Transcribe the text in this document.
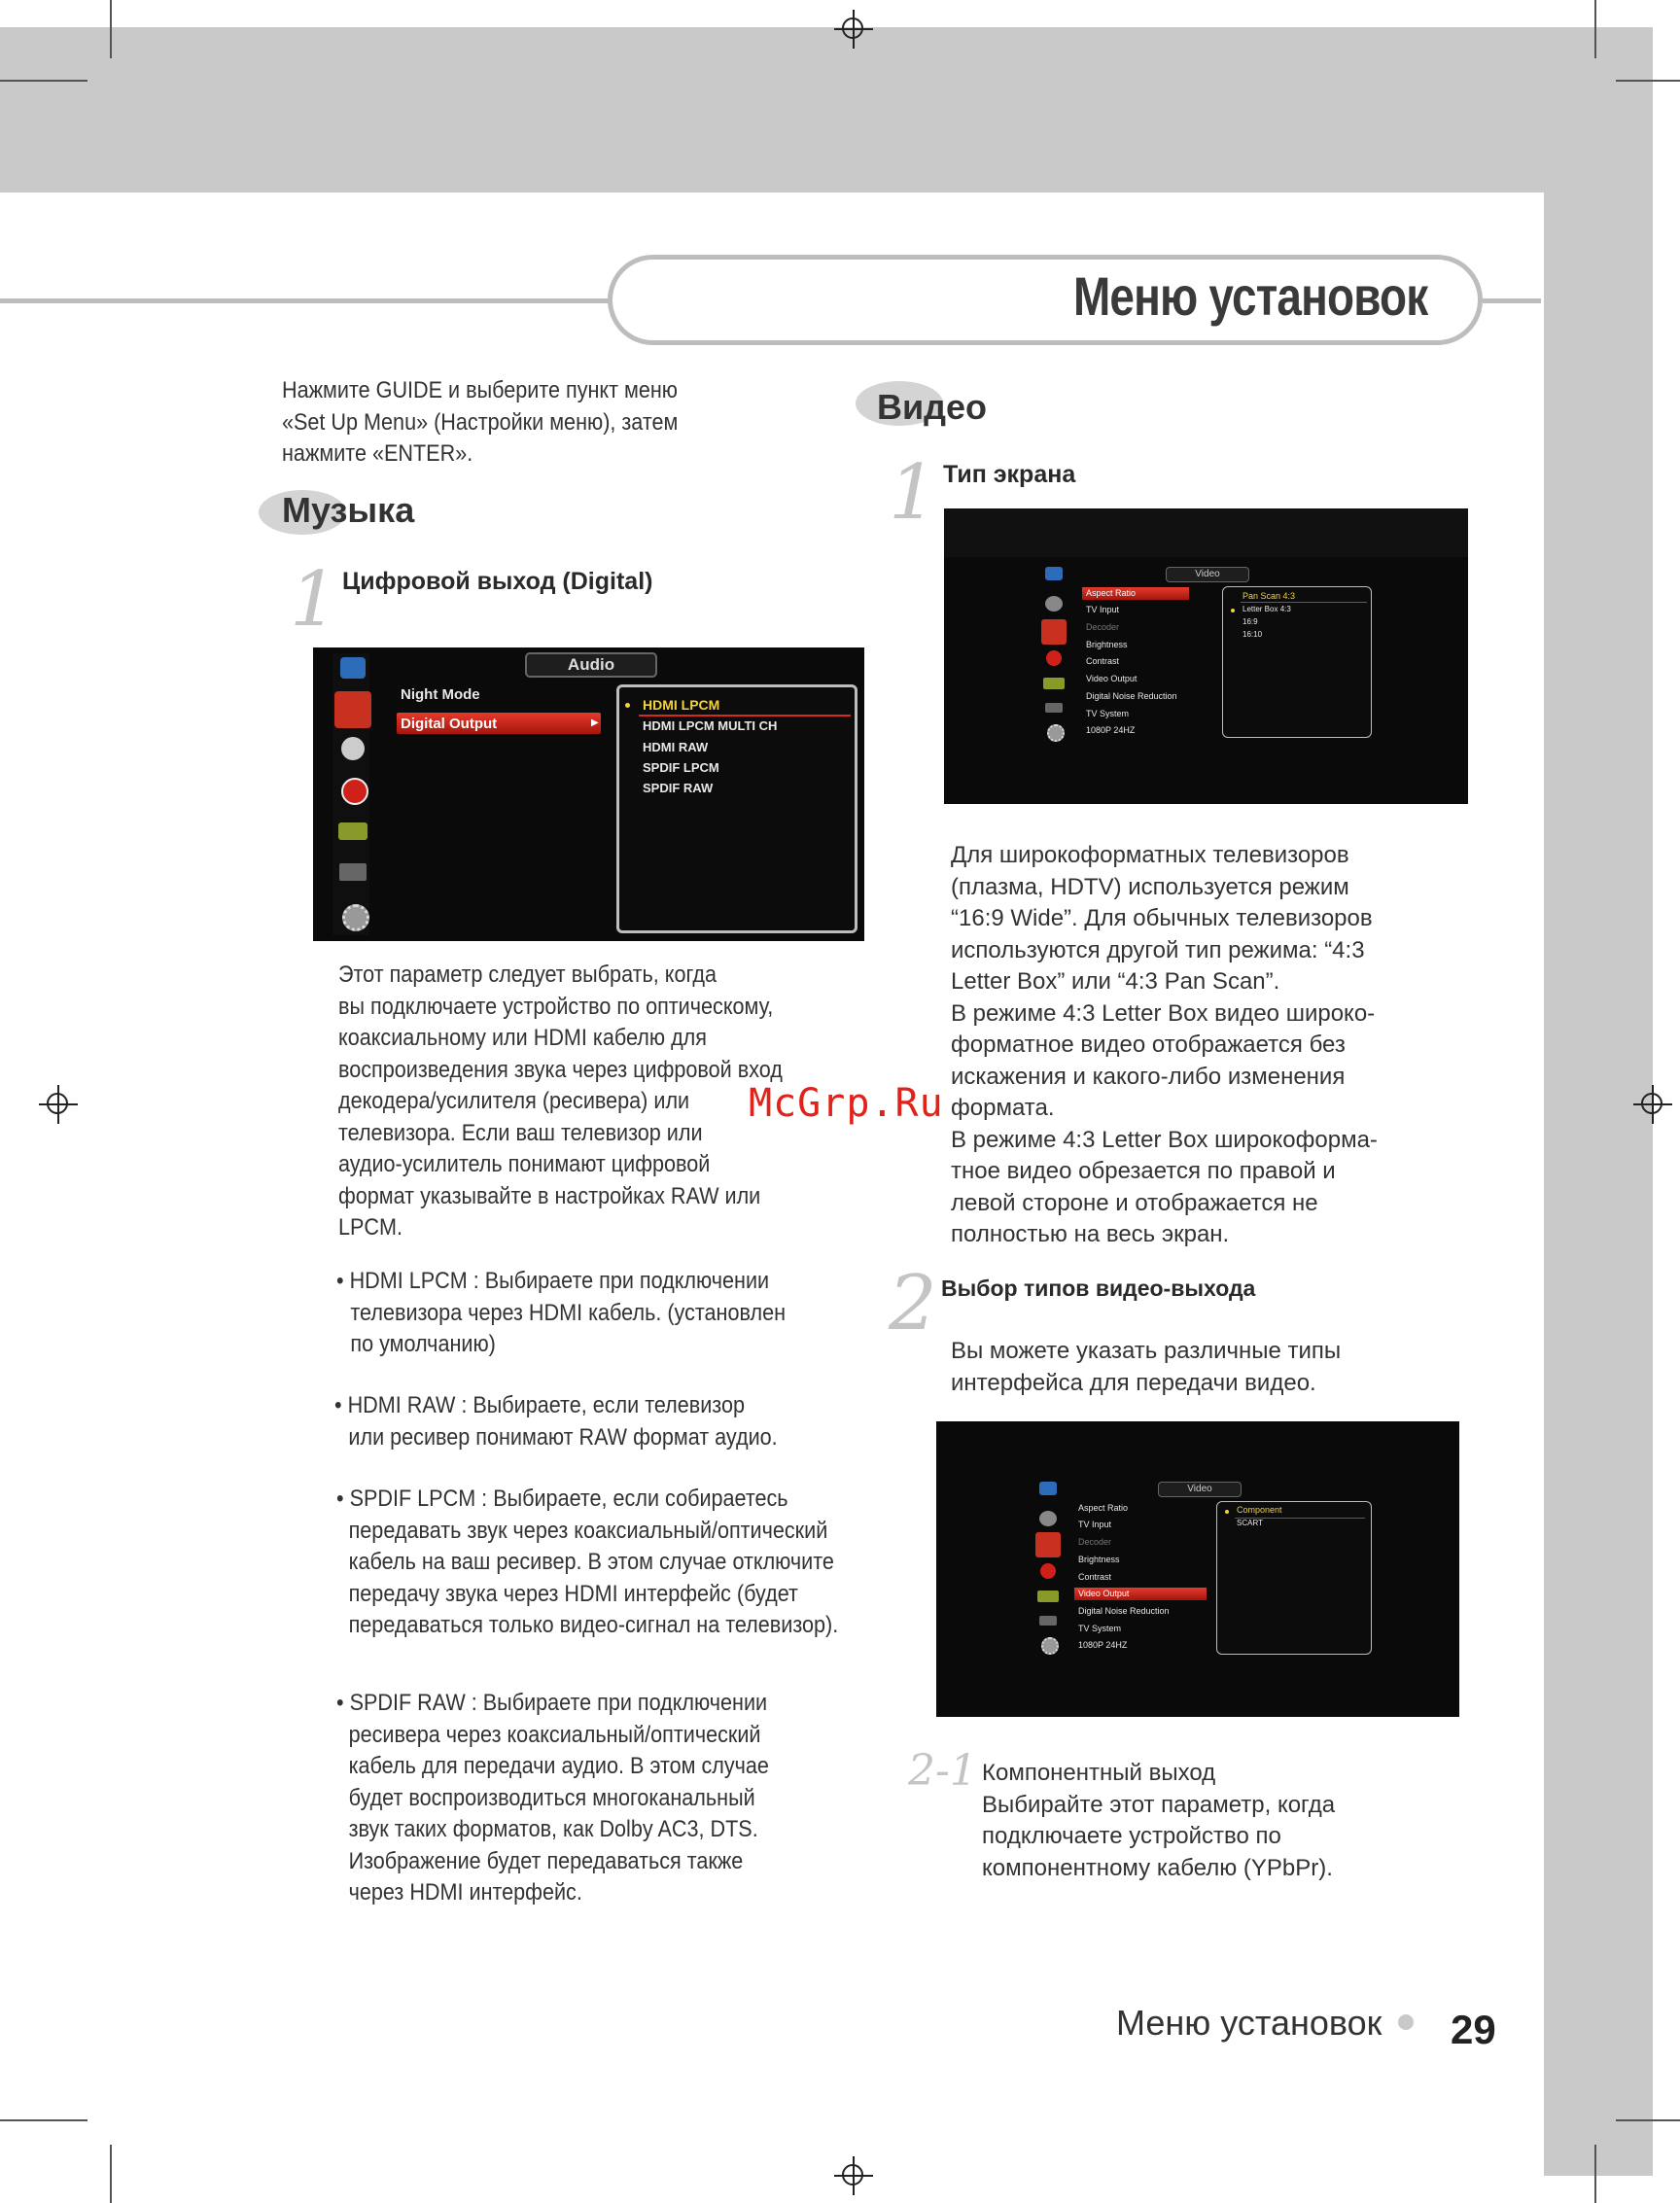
Меню установок
Нажмите GUIDE и выберите пункт меню
«Set Up Menu» (Настройки меню), затем
нажмите «ENTER».
Музыка
1 Цифровой выход (Digital)
Audio
Night Mode
Digital Output	▶
HDMI LPCM
HDMI LPCM MULTI CH
HDMI RAW
SPDIF LPCM
SPDIF RAW
Этот параметр следует выбрать, когда
вы подключаете устройство по оптическому,
коаксиальному или HDMI кабелю для
воспроизведения звука через цифровой вход
декодера/усилителя (ресивера) или
телевизора. Если ваш телевизор или
аудио-усилитель понимают цифровой
формат указывайте в настройках RAW или
LPCM.
• HDMI LPCM : Выбираете при подключении
телевизора через HDMI кабель. (установлен
по умолчанию)
• HDMI RAW : Выбираете, если телевизор
или ресивер понимают RAW формат аудио.
• SPDIF LPCM : Выбираете, если собираетесь
передавать звук через коаксиальный/оптический
кабель на ваш ресивер. В этом случае отключите
передачу звука через HDMI интерфейс (будет
передаваться только видео-сигнал на телевизор).
• SPDIF RAW : Выбираете при подключении
ресивера через коаксиальный/оптический
кабель для передачи аудио. В этом случае
будет воспроизводиться многоканальный
звук таких форматов, как Dolby AC3, DTS.
Изображение будет передаваться также
через HDMI интерфейс.
McGrp.Ru
Видео
1 Тип экрана
Video
Aspect Ratio
TV Input
Decoder
Brightness
Contrast
Video Output
Digital Noise Reduction
TV System
1080P 24HZ
Pan Scan 4:3
Letter Box 4:3
16:9
16:10
Для широкоформатных телевизоров
(плазма, HDTV) используется режим
“16:9 Wide”. Для обычных телевизоров
используются другой тип режима: “4:3
Letter Box” или “4:3 Pan Scan”.
В режиме 4:3 Letter Box видео широко-
форматное видео отображается без
искажения и какого-либо изменения
формата.
В режиме 4:3 Letter Box широкоформа-
тное видео обрезается по правой и
левой стороне и отображается не
полностью на весь экран.
2 Выбор типов видео-выхода
Вы можете указать различные типы
интерфейса для передачи видео.
Video
Aspect Ratio
TV Input
Decoder
Brightness
Contrast
Video Output
Digital Noise Reduction
TV System
1080P 24HZ
Component
SCART
2-1 Компонентный выход
Выбирайте этот параметр, когда
подключаете устройство по
компонентному кабелю (YPbPr).
Меню установок 29
